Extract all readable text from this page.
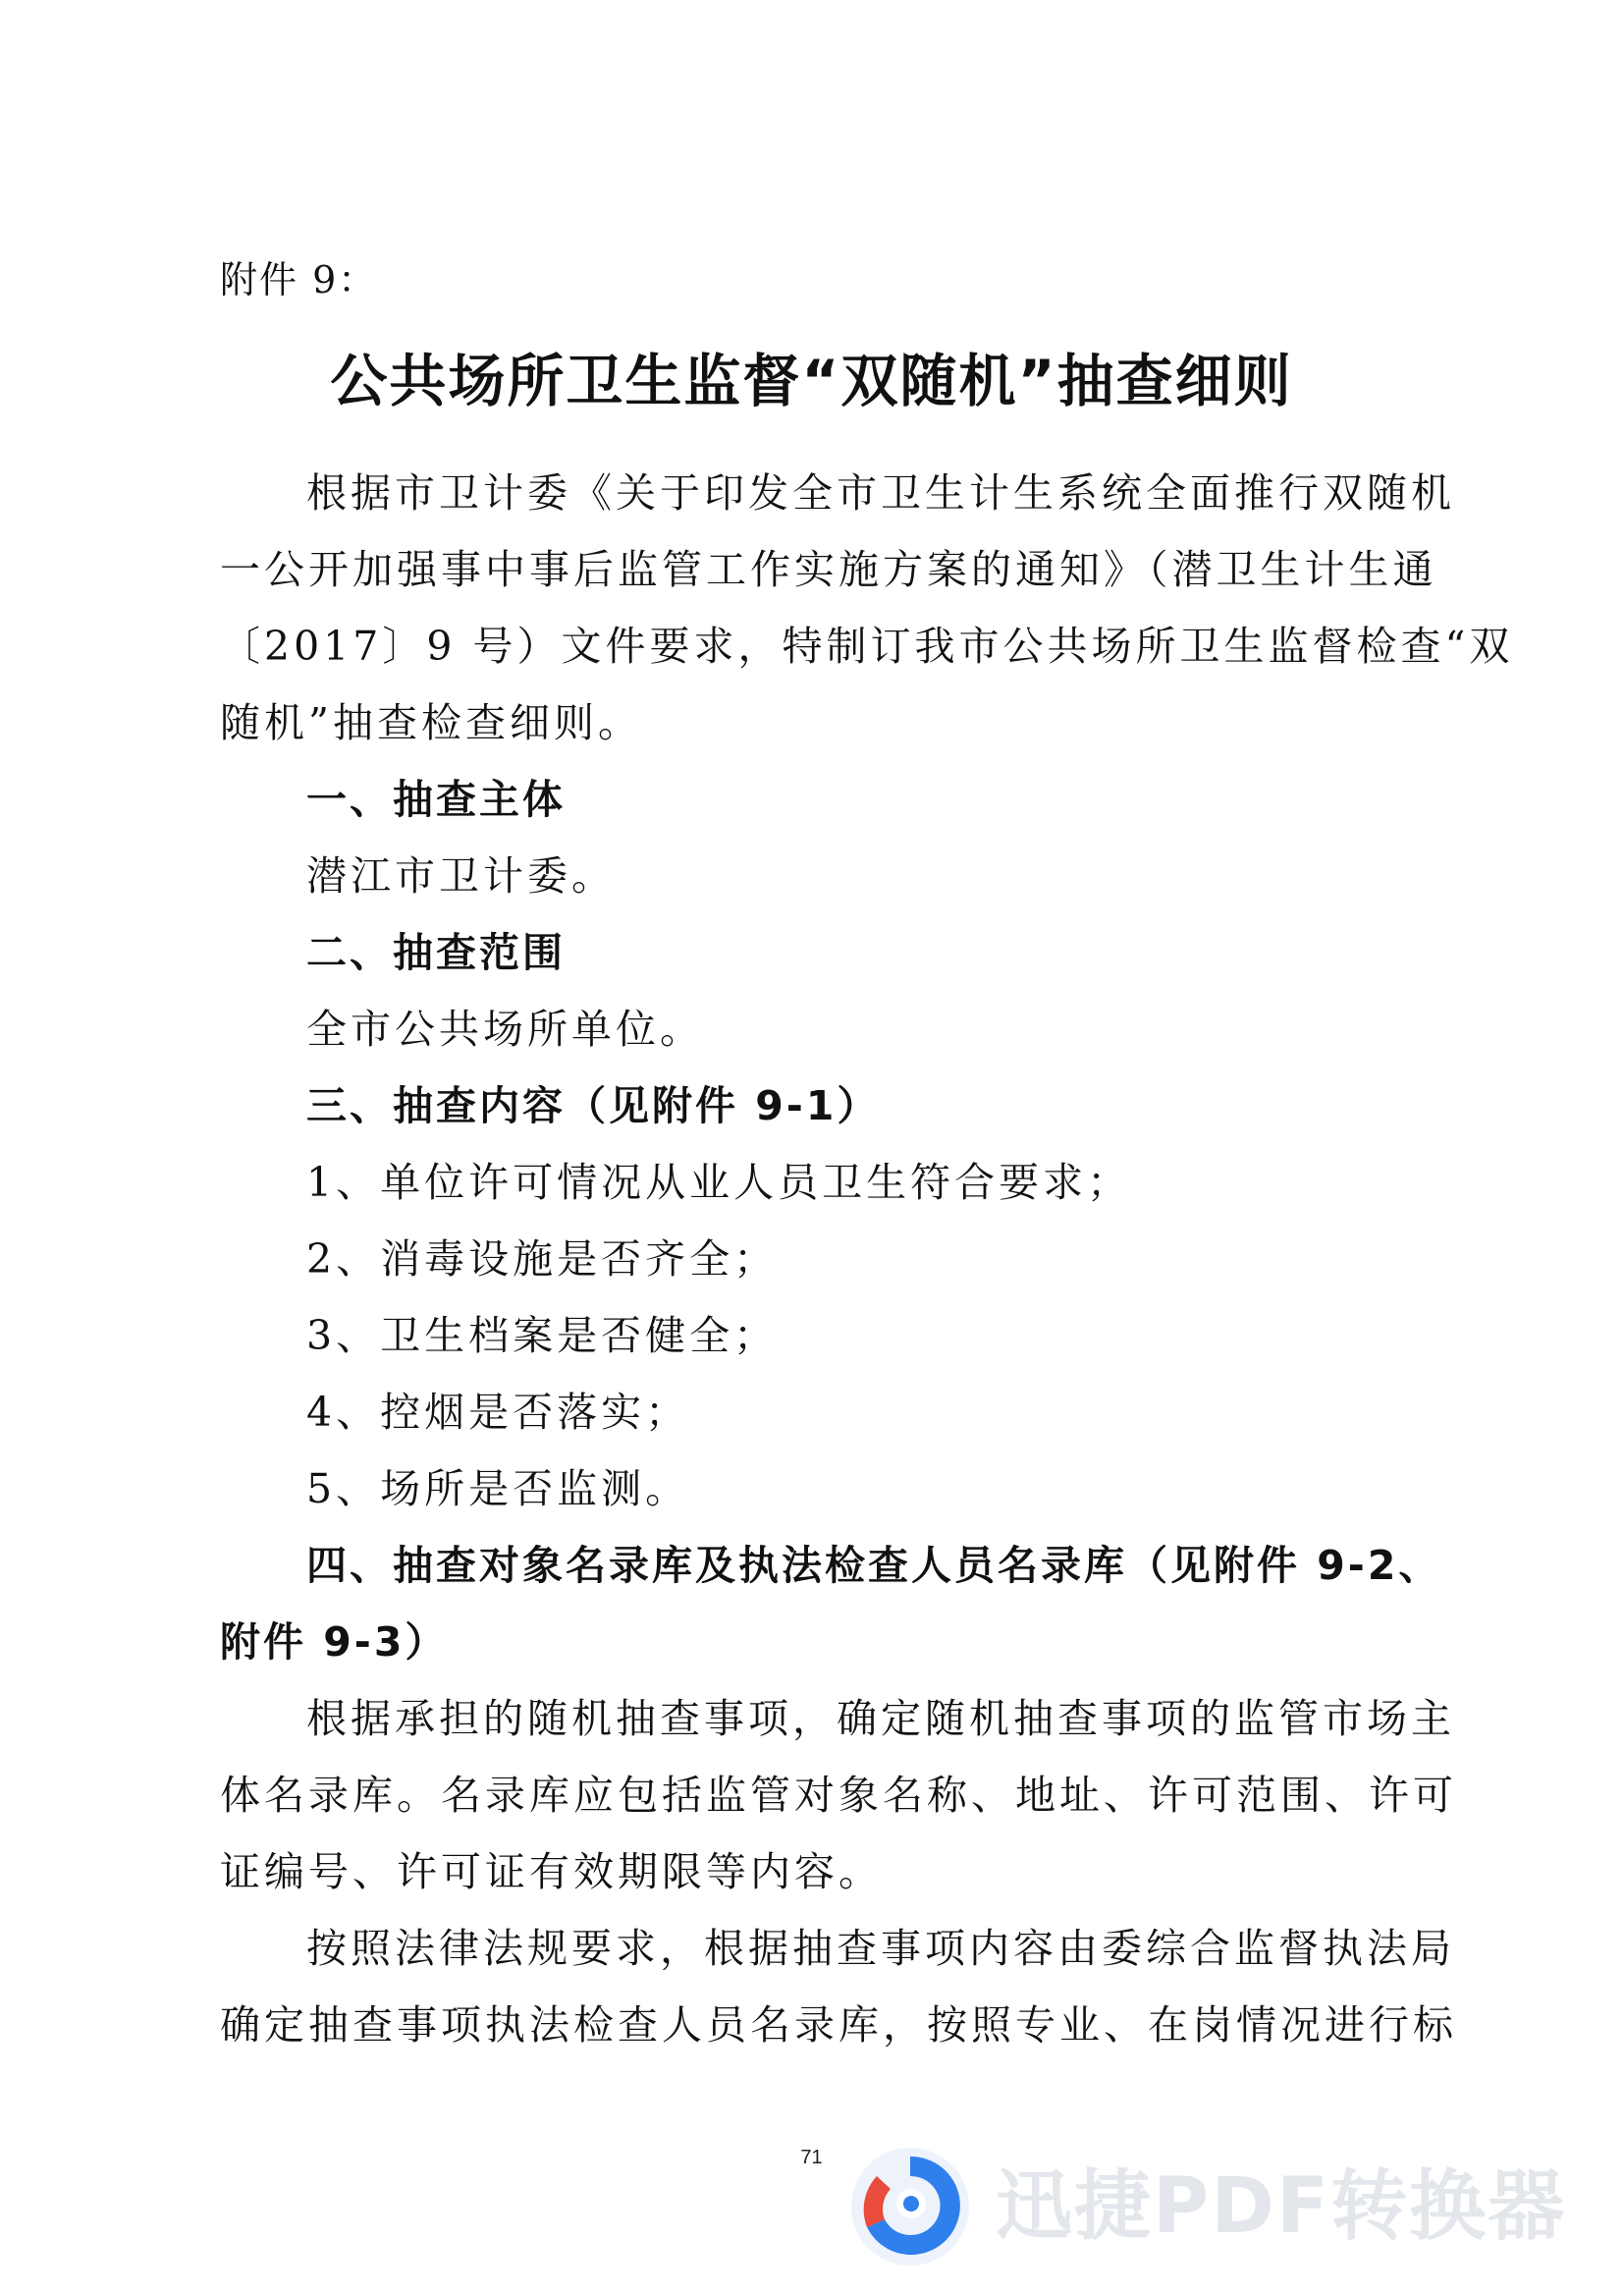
附件 9：
公共场所卫生监督“双随机”抽查细则
根据市卫计委《关于印发全市卫生计生系统全面推行双随机
一公开加强事中事后监管工作实施方案的通知》（潜卫生计生通
〔2017〕9 号）文件要求，特制订我市公共场所卫生监督检查“双
随机”抽查检查细则。
一、抽查主体
潜江市卫计委。
二、抽查范围
全市公共场所单位。
三、抽查内容（见附件 9-1）
1、单位许可情况从业人员卫生符合要求；
2、消毒设施是否齐全；
3、卫生档案是否健全；
4、控烟是否落实；
5、场所是否监测。
四、抽查对象名录库及执法检查人员名录库（见附件 9-2、
附件 9-3）
根据承担的随机抽查事项，确定随机抽查事项的监管市场主
体名录库。名录库应包括监管对象名称、地址、许可范围、许可
证编号、许可证有效期限等内容。
按照法律法规要求，根据抽查事项内容由委综合监督执法局
确定抽查事项执法检查人员名录库，按照专业、在岗情况进行标
71
迅捷PDF转换器
